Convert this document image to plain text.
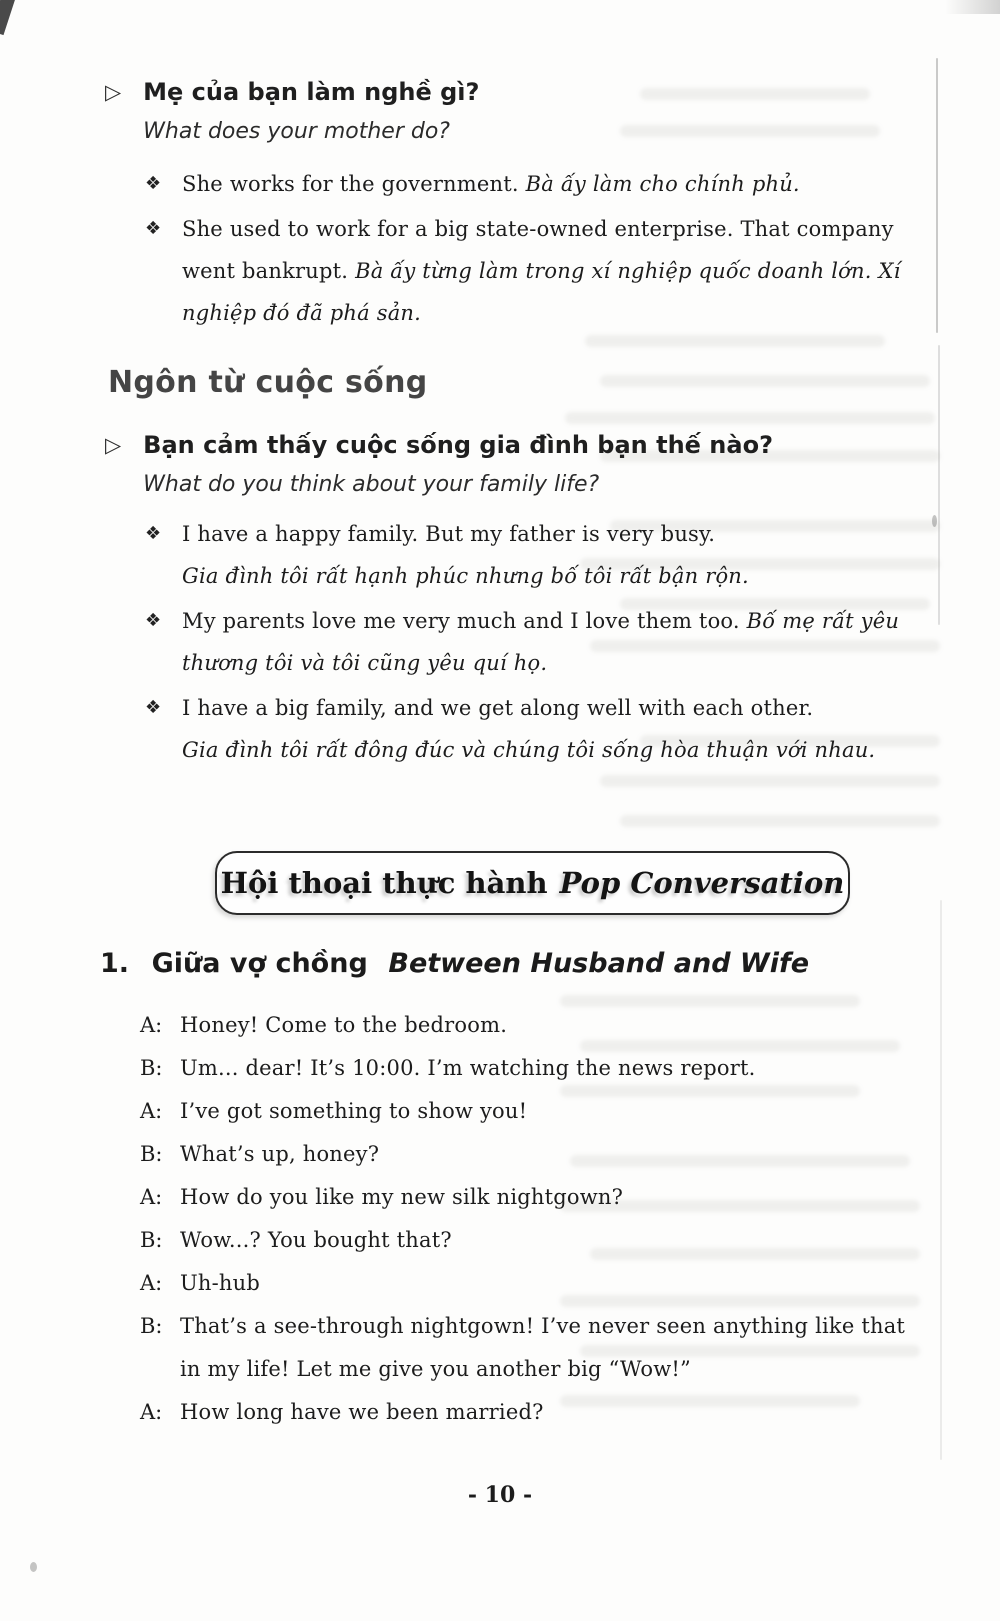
▷ Mẹ của bạn làm nghề gì?
What does your mother do?
❖ She works for the government. Bà ấy làm cho chính phủ.
❖ She used to work for a big state-owned enterprise. That company went bankrupt. Bà ấy từng làm trong xí nghiệp quốc doanh lớn. Xí nghiệp đó đã phá sản.
Ngôn từ cuộc sống
▷ Bạn cảm thấy cuộc sống gia đình bạn thế nào?
What do you think about your family life?
❖ I have a happy family. But my father is very busy.
Gia đình tôi rất hạnh phúc nhưng bố tôi rất bận rộn.
❖ My parents love me very much and I love them too. Bố mẹ rất yêu thương tôi và tôi cũng yêu quí họ.
❖ I have a big family, and we get along well with each other.
Gia đình tôi rất đông đúc và chúng tôi sống hòa thuận với nhau.
Hội thoại thực hành Pop Conversation
1. Giữa vợ chồng Between Husband and Wife
A: Honey! Come to the bedroom.
B: Um... dear! It’s 10:00. I’m watching the news report.
A: I’ve got something to show you!
B: What’s up, honey?
A: How do you like my new silk nightgown?
B: Wow...? You bought that?
A: Uh-hub
B: That’s a see-through nightgown! I’ve never seen anything like that in my life! Let me give you another big “Wow!”
A: How long have we been married?
- 10 -
